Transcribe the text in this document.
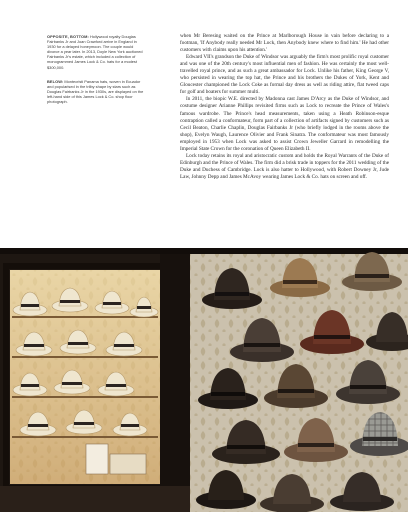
OPPOSITE, BOTTOM: Hollywood royalty Douglas Fairbanks Jr and Joan Crawford arrive in England in 1930 for a delayed honeymoon. The couple would divorce a year later. In 2013, Doyle New York auctioned Fairbanks Jr's estate, which included a collection of monogrammed James Lock & Co. hats for a modest $300,000.

BELOW: Montecristi Panama hats, woven in Ecuador and popularised in the trilby shape by stars such as Douglas Fairbanks Jr in the 1930s, are displayed on the left-hand side of this James Lock & Co. shop floor photograph.

when Mr Beresing waited on the Prince at Marlborough House in vain before declaring to a footman, 'If Anybody really needed Mr Lock, then Anybody knew where to find him.' He had other customers with claims upon his attention.'

Edward VII's grandson the Duke of Windsor was arguably the firm's most prolific royal customer and was one of the 20th century's most influential men of fashion. He was certainly the most well-travelled royal prince, and as such a great ambassador for Lock. Unlike his father, King George V, who persisted in wearing the top hat, the Prince and his brothers the Dukes of York, Kent and Gloucester championed the Lock Coke as formal day dress as well as riding attire, flat tweed caps for golf and boaters for summer multi.

In 2011, the biopic W.E. directed by Madonna cast James D'Arcy as the Duke of Windsor, and costume designer Arianne Phillips revisited firms such as Lock to recreate the Prince of Wales's famous wardrobe. The Prince's head measurements, taken using a Heath Robinson-esque contraption called a conformateur, form part of a collection of artifacts signed by customers such as Cecil Beaton, Charlie Chaplin, Douglas Fairbanks Jr (who briefly lodged in the rooms above the shop), Evelyn Waugh, Laurence Olivier and Frank Sinatra. The conformateur was most famously employed in 1953 when Lock was asked to assist Crown Jeweller Garrard in remodelling the Imperial State Crown for the coronation of Queen Elizabeth II.

Lock today retains its royal and aristocratic custom and holds the Royal Warrants of the Duke of Edinburgh and the Prince of Wales. The firm did a brisk trade in toppers for the 2011 wedding of the Duke and Duchess of Cambridge. Lock is also hatter to Hollywood, with Robert Downey Jr, Jude Law, Johnny Depp and James McAvoy wearing James Lock & Co. hats on screen and off.
